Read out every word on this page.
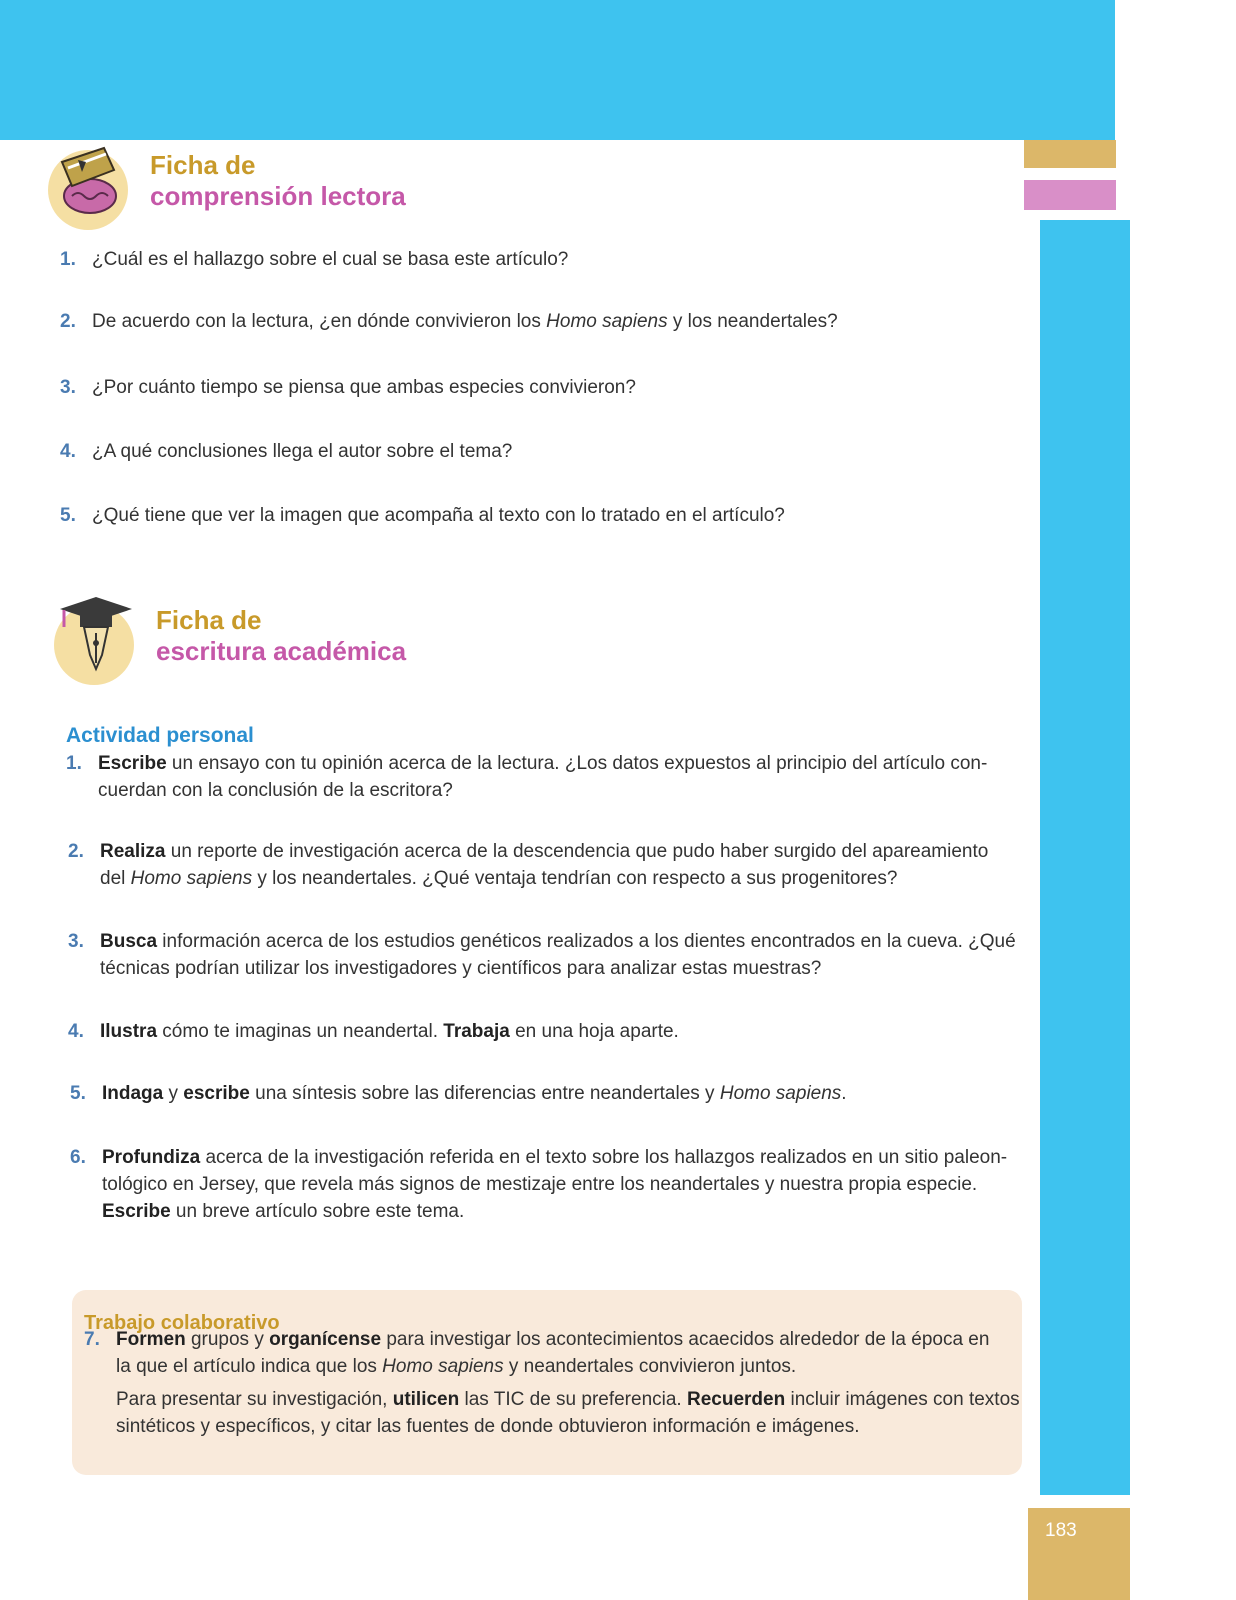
183
Ficha de
comprensión lectora
1. ¿Cuál es el hallazgo sobre el cual se basa este artículo?
2. De acuerdo con la lectura, ¿en dónde convivieron los Homo sapiens y los neandertales?
3. ¿Por cuánto tiempo se piensa que ambas especies convivieron?
4. ¿A qué conclusiones llega el autor sobre el tema?
5. ¿Qué tiene que ver la imagen que acompaña al texto con lo tratado en el artículo?
Ficha de
escritura académica
Actividad personal
1. Escribe un ensayo con tu opinión acerca de la lectura. ¿Los datos expuestos al principio del artículo con-
cuerdan con la conclusión de la escritora?
2. Realiza un reporte de investigación acerca de la descendencia que pudo haber surgido del apareamiento
del Homo sapiens y los neandertales. ¿Qué ventaja tendrían con respecto a sus progenitores?
3. Busca información acerca de los estudios genéticos realizados a los dientes encontrados en la cueva. ¿Qué
técnicas podrían utilizar los investigadores y científicos para analizar estas muestras?
4. Ilustra cómo te imaginas un neandertal. Trabaja en una hoja aparte.
5. Indaga y escribe una síntesis sobre las diferencias entre neandertales y Homo sapiens.
6. Profundiza acerca de la investigación referida en el texto sobre los hallazgos realizados en un sitio paleon-
tológico en Jersey, que revela más signos de mestizaje entre los neandertales y nuestra propia especie.
Escribe un breve artículo sobre este tema.
Trabajo colaborativo
7. Formen grupos y organícense para investigar los acontecimientos acaecidos alrededor de la época en
la que el artículo indica que los Homo sapiens y neandertales convivieron juntos.
Para presentar su investigación, utilicen las TIC de su preferencia. Recuerden incluir imágenes con textos
sintéticos y específicos, y citar las fuentes de donde obtuvieron información e imágenes.
